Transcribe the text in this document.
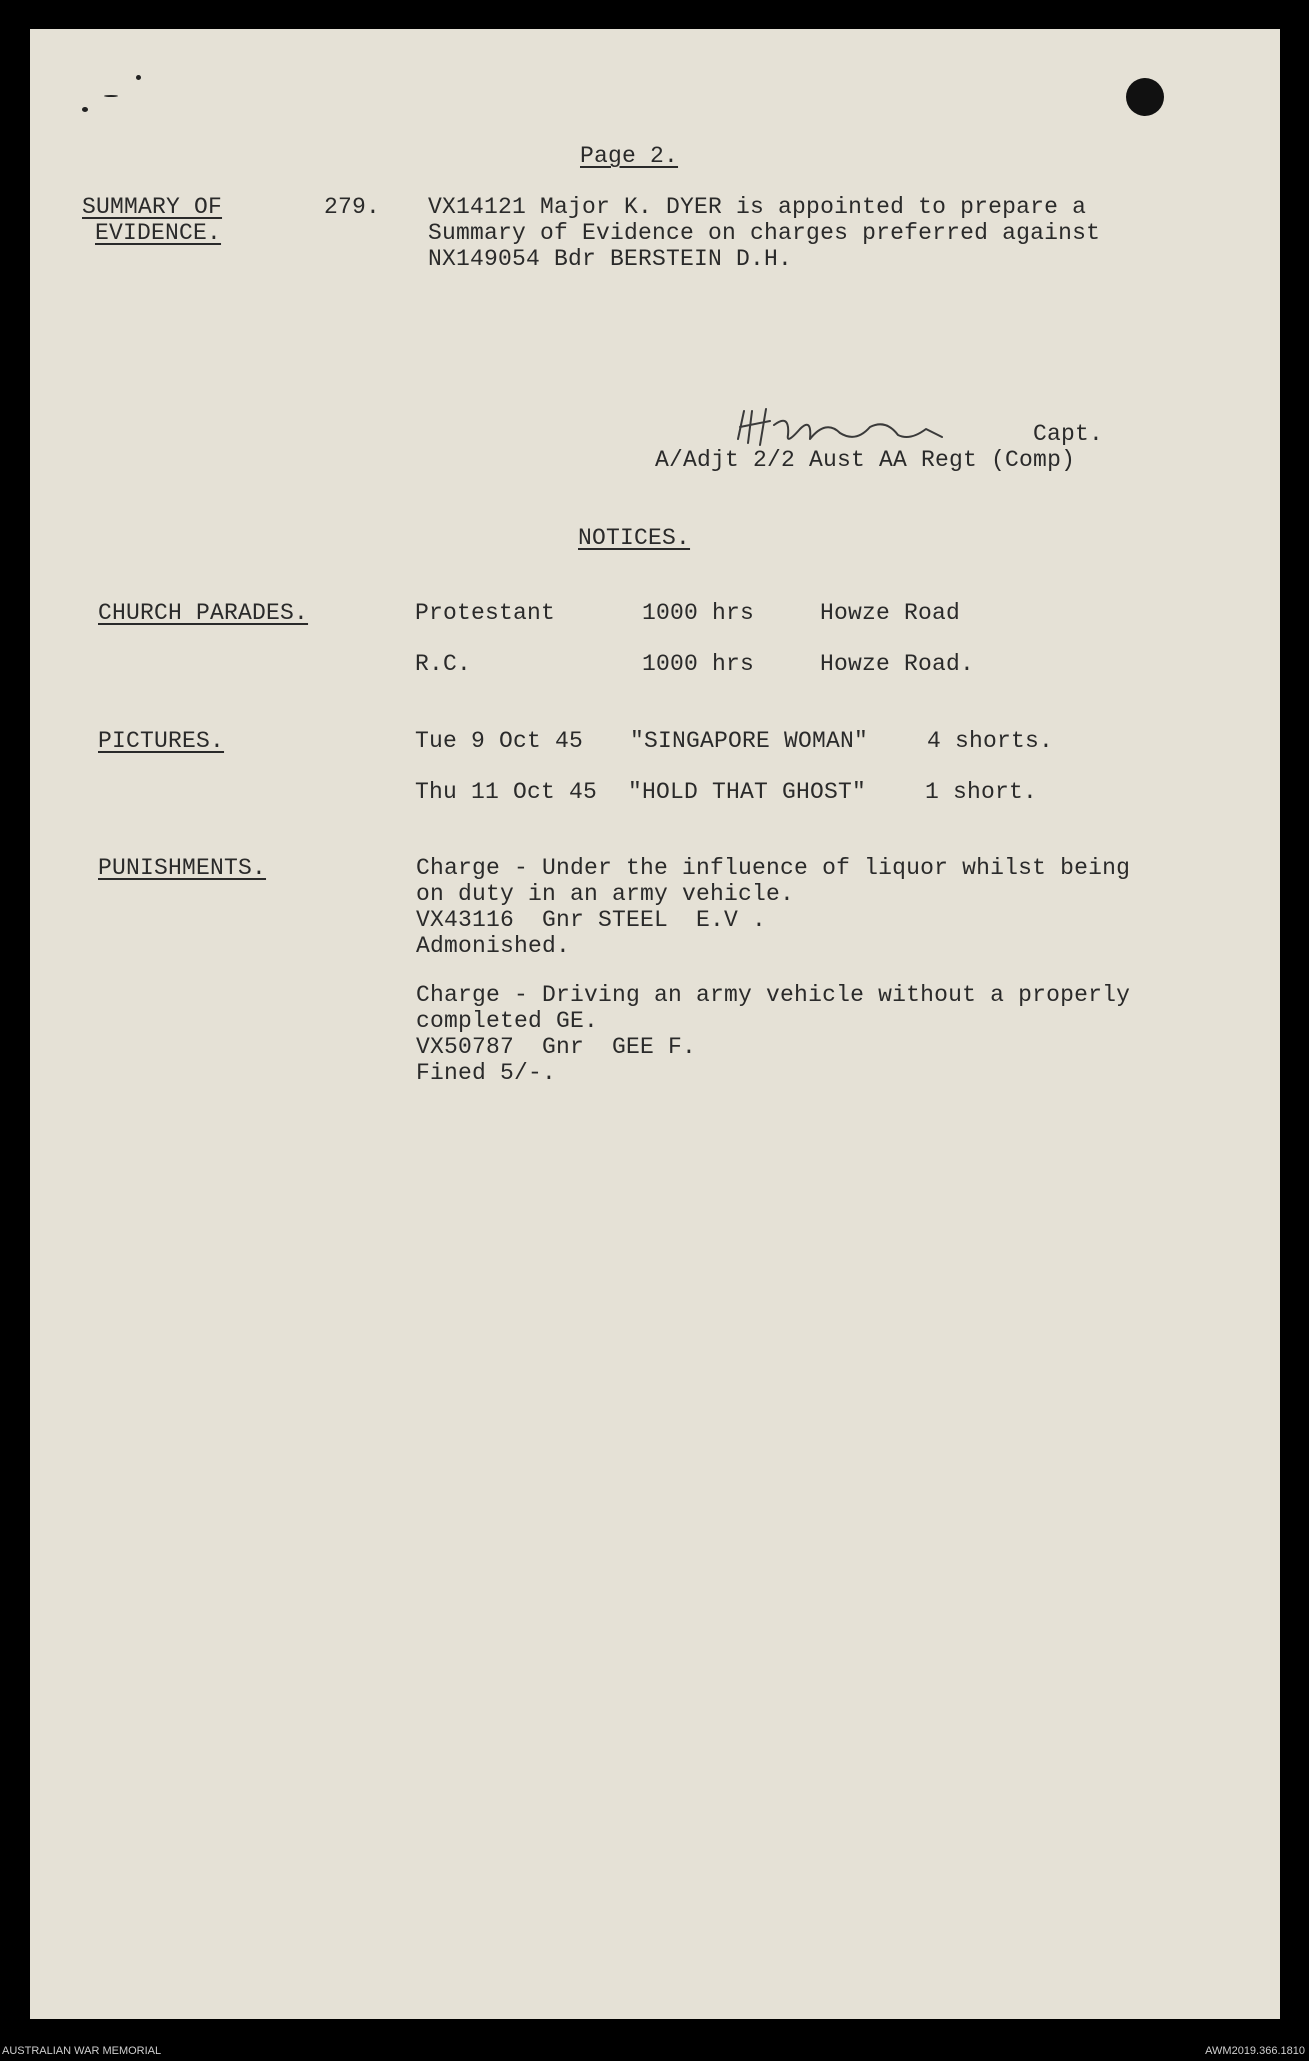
Page 2.
SUMMARY OF
EVIDENCE.
279. VX14121 Major K. DYER is appointed to prepare a
Summary of Evidence on charges preferred against
NX149054 Bdr BERSTEIN D.H.
Capt.
A/Adjt 2/2 Aust AA Regt (Comp)
NOTICES.
CHURCH PARADES.	Protestant	1000 hrs	Howze Road
R.C.	1000 hrs	Howze Road.
PICTURES.	Tue 9 Oct 45 "SINGAPORE WOMAN"	4 shorts.
Thu 11 Oct 45 "HOLD THAT GHOST"	1 short.
PUNISHMENTS.	Charge - Under the influence of liquor whilst being
on duty in an army vehicle.
VX43116  Gnr STEEL  E.V .
Admonished.
Charge - Driving an army vehicle without a properly
completed GE.
VX50787  Gnr  GEE F.
Fined 5/-.
AUSTRALIAN WAR MEMORIAL	AWM2019.366.1810
